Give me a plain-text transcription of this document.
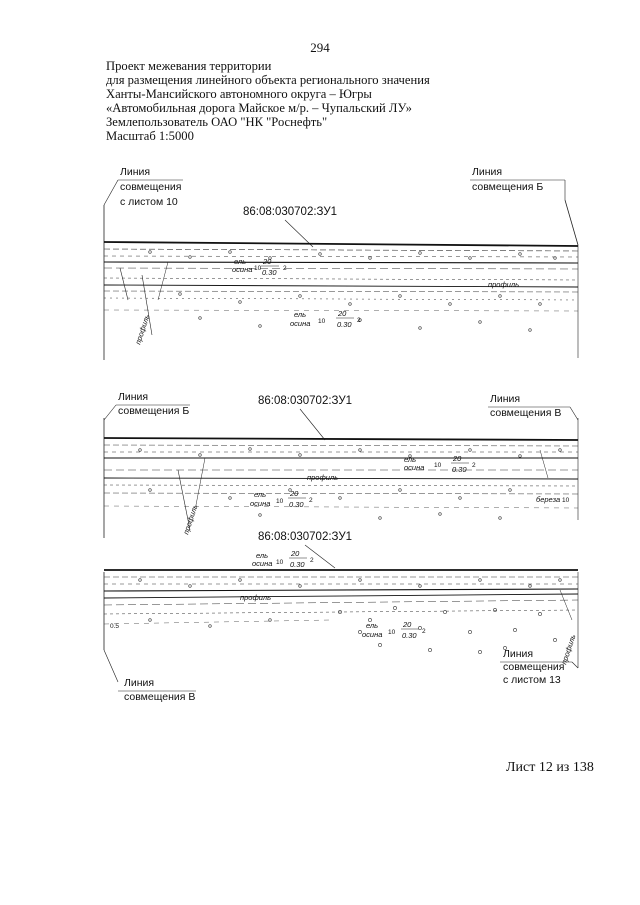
294
Проект межевания территории
для размещения линейного объекта регионального значения
Ханты-Мансийского автономного округа – Югры
«Автомобильная дорога Майское м/р. – Чупальский ЛУ»
Землепользователь ОАО "НК "Роснефть"
Масштаб 1:5000
Линия
совмещения
с листом 10
Линия
совмещения Б
86:08:030702:ЗУ1
профиль
профиль
ель
осина 10
20
0.30 2
ель
осина 10
20
0.30 2
Линия
совмещения Б
Линия
совмещения В
86:08:030702:ЗУ1
профиль
профиль
ель
осина 10
20
0.30 2
ель
осина 10
20
0.30 2	береза 10
86:08:030702:ЗУ1
профиль
профиль
0.5
ель
осина 10
20
0.30 2
ель
осина 10
20
0.30 2
Линия
совмещения В
Линия
совмещения
с листом 13
Лист 12 из 138
